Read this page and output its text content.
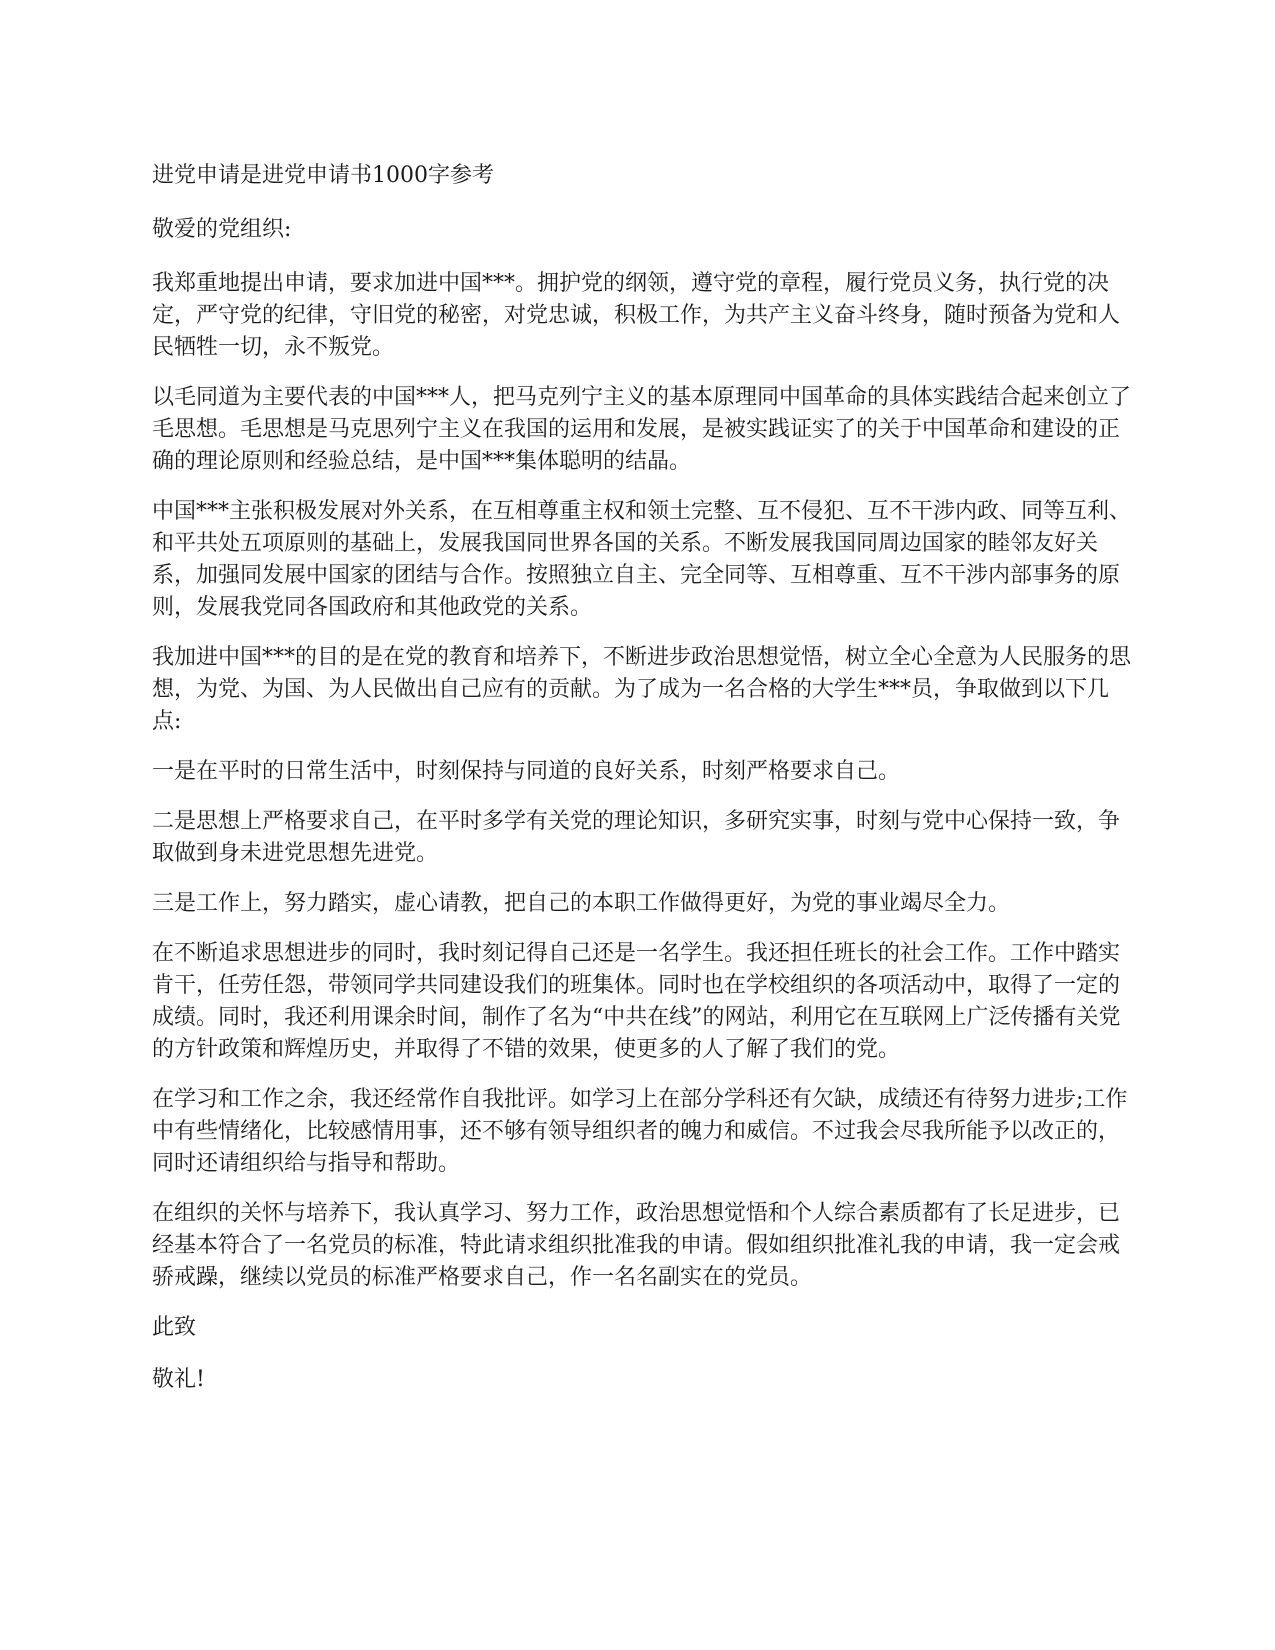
进党申请是进党申请书1000字参考
敬爱的党组织:
我郑重地提出申请，要求加进中国***。拥护党的纲领，遵守党的章程，履行党员义务，执行党的决定，严守党的纪律，守旧党的秘密，对党忠诚，积极工作，为共产主义奋斗终身，随时预备为党和人民牺牲一切，永不叛党。
以毛同道为主要代表的中国***人，把马克列宁主义的基本原理同中国革命的具体实践结合起来创立了毛思想。毛思想是马克思列宁主义在我国的运用和发展，是被实践证实了的关于中国革命和建设的正确的理论原则和经验总结，是中国***集体聪明的结晶。
中国***主张积极发展对外关系，在互相尊重主权和领土完整、互不侵犯、互不干涉内政、同等互利、和平共处五项原则的基础上，发展我国同世界各国的关系。不断发展我国同周边国家的睦邻友好关系，加强同发展中国家的团结与合作。按照独立自主、完全同等、互相尊重、互不干涉内部事务的原则，发展我党同各国政府和其他政党的关系。
我加进中国***的目的是在党的教育和培养下，不断进步政治思想觉悟，树立全心全意为人民服务的思想，为党、为国、为人民做出自己应有的贡献。为了成为一名合格的大学生***员，争取做到以下几点:
一是在平时的日常生活中，时刻保持与同道的良好关系，时刻严格要求自己。
二是思想上严格要求自己，在平时多学有关党的理论知识，多研究实事，时刻与党中心保持一致，争取做到身未进党思想先进党。
三是工作上，努力踏实，虚心请教，把自己的本职工作做得更好，为党的事业竭尽全力。
在不断追求思想进步的同时，我时刻记得自己还是一名学生。我还担任班长的社会工作。工作中踏实肯干，任劳任怨，带领同学共同建设我们的班集体。同时也在学校组织的各项活动中，取得了一定的成绩。同时，我还利用课余时间，制作了名为“中共在线”的网站，利用它在互联网上广泛传播有关党的方针政策和辉煌历史，并取得了不错的效果，使更多的人了解了我们的党。
在学习和工作之余，我还经常作自我批评。如学习上在部分学科还有欠缺，成绩还有待努力进步;工作中有些情绪化，比较感情用事，还不够有领导组织者的魄力和威信。不过我会尽我所能予以改正的，同时还请组织给与指导和帮助。
在组织的关怀与培养下，我认真学习、努力工作，政治思想觉悟和个人综合素质都有了长足进步，已经基本符合了一名党员的标准，特此请求组织批准我的申请。假如组织批准礼我的申请，我一定会戒骄戒躁，继续以党员的标准严格要求自己，作一名名副实在的党员。
此致
敬礼!
